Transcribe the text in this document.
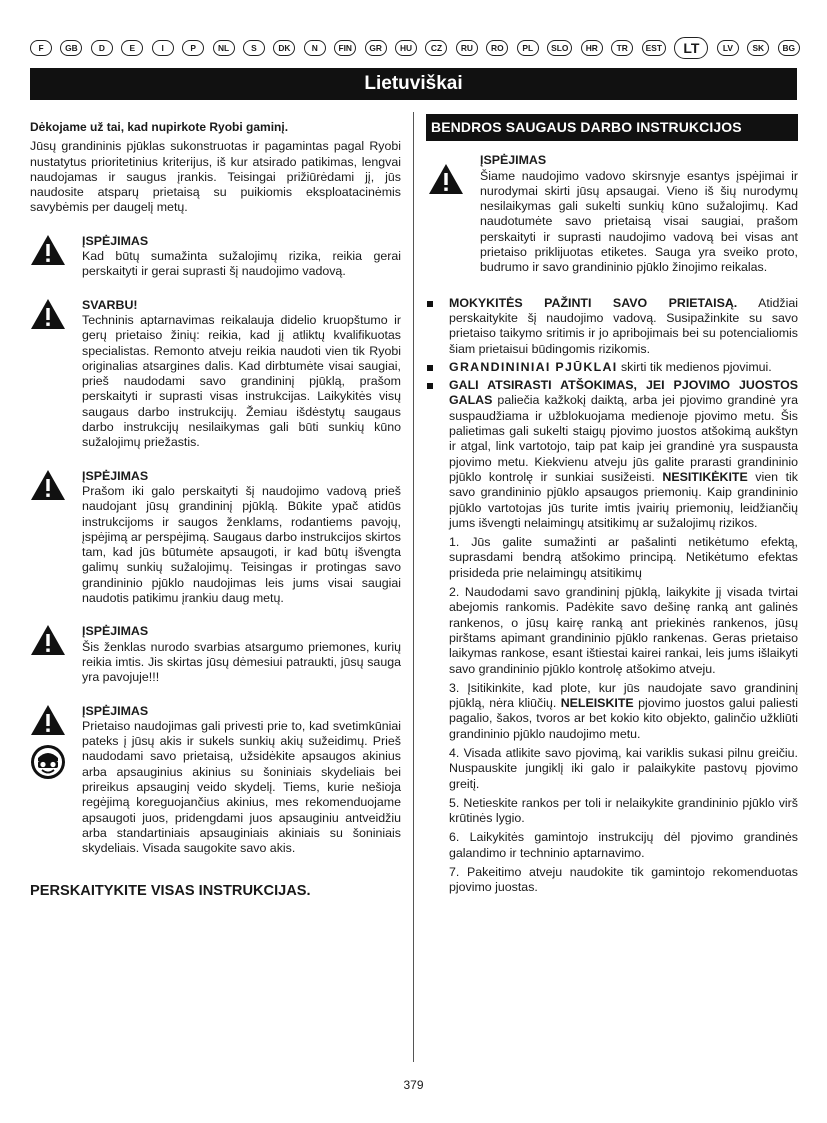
F	GB	D	E	I	P	NL	S	DK	N	FIN	GR	HU	CZ	RU	RO	PL	SLO	HR	TR	EST	LT	LV	SK	BG
Lietuviškai
Dėkojame už tai, kad nupirkote Ryobi gaminį.

Jūsų grandininis pjūklas sukonstruotas ir pagamintas pagal Ryobi nustatytus prioritetinius kriterijus, iš kur atsirado patikimas, lengvai naudojamas ir saugus įrankis. Teisingai prižiūrėdami jį, jūs naudosite atsparų prietaisą su puikiomis eksploatacinėmis savybėmis per daugelį metų.

ĮSPĖJIMAS

Kad būtų sumažinta sužalojimų rizika, reikia gerai perskaityti ir gerai suprasti šį naudojimo vadovą.

SVARBU!

Techninis aptarnavimas reikalauja didelio kruopštumo ir gerų prietaiso žinių: reikia, kad jį atliktų kvalifikuotas specialistas. Remonto atveju reikia naudoti vien tik Ryobi originalias atsargines dalis. Kad dirbtumėte visai saugiai, prieš naudodami savo grandininį pjūklą, prašom perskaityti ir suprasti visas instrukcijas. Laikykitės visų saugaus darbo instrukcijų. Žemiau išdėstytų saugaus darbo instrukcijų nesilaikymas gali būti sunkių kūno sužalojimų priežastis.

ĮSPĖJIMAS

Prašom iki galo perskaityti šį naudojimo vadovą prieš naudojant jūsų grandininį pjūklą. Būkite ypač atidūs instrukcijoms ir saugos ženklams, rodantiems pavojų, įspėjimą ar perspėjimą. Saugaus darbo instrukcijos skirtos tam, kad jūs būtumėte apsaugoti, ir kad būtų išvengta galimų sunkių sužalojimų. Teisingas ir protingas savo grandininio pjūklo naudojimas leis jums visai saugiai naudotis patikimu įrankiu daug metų.

ĮSPĖJIMAS

Šis ženklas nurodo svarbias atsargumo priemones, kurių reikia imtis. Jis skirtas jūsų dėmesiui patraukti, jūsų sauga yra pavojuje!!!

ĮSPĖJIMAS

Prietaiso naudojimas gali privesti prie to, kad svetimkūniai pateks į jūsų akis ir sukels sunkių akių sužeidimų. Prieš naudodami savo prietaisą, užsidėkite apsaugos akinius arba apsauginius akinius su šoniniais skydeliais bei prireikus apsauginį veido skydelį. Tiems, kurie nešioja regėjimą koreguojančius akinius, mes rekomenduojame apsaugoti juos, pridengdami juos apsauginiu antveidžiu arba standartiniais apsauginiais akiniais su šoniniais skydeliais. Visada saugokite savo akis.

PERSKAITYKITE VISAS INSTRUKCIJAS.
BENDROS SAUGAUS DARBO INSTRUKCIJOS
ĮSPĖJIMAS

Šiame naudojimo vadovo skirsnyje esantys įspėjimai ir nurodymai skirti jūsų apsaugai. Vieno iš šių nurodymų nesilaikymas gali sukelti sunkių kūno sužalojimų. Kad naudotumėte savo prietaisą visai saugiai, prašom perskaityti ir suprasti naudojimo vadovą bei visas ant prietaiso priklijuotas etiketes. Sauga yra sveiko proto, budrumo ir savo grandininio pjūklo žinojimo reikalas.

MOKYKITĖS PAŽINTI SAVO PRIETAISĄ. Atidžiai perskaitykite šį naudojimo vadovą. Susipažinkite su savo prietaiso taikymo sritimis ir jo apribojimais bei su potencialiomis šiam prietaisui būdingomis rizikomis.
GRANDININIAI PJŪKLAI skirti tik medienos pjovimui.
GALI ATSIRASTI ATŠOKIMAS, JEI PJOVIMO JUOSTOS GALAS paliečia kažkokį daiktą, arba jei pjovimo grandinė yra suspaudžiama ir užblokuojama medienoje pjovimo metu. Šis palietimas gali sukelti staigų pjovimo juostos atšokimą aukštyn ir atgal, link vartotojo, taip pat kaip jei grandinė yra suspausta pjovimo metu. Kiekvienu atveju jūs galite prarasti grandininio pjūklo kontrolę ir sunkiai susižeisti. NESITIKĖKITE vien tik savo grandininio pjūklo apsaugos priemonių. Kaip grandininio pjūklo vartotojas jūs turite imtis įvairių priemonių, leidžiančių jums išvengti nelaimingų atsitikimų ar sužalojimų rizikos.

1. Jūs galite sumažinti ar pašalinti netikėtumo efektą, suprasdami bendrą atšokimo principą. Netikėtumo efektas prisideda prie nelaimingų atsitikimų

2. Naudodami savo grandininį pjūklą, laikykite jį visada tvirtai abejomis rankomis. Padėkite savo dešinę ranką ant galinės rankenos, o jūsų kairę ranką ant priekinės rankenos, jūsų pirštams apimant grandininio pjūklo rankenas. Geras prietaiso laikymas rankose, esant ištiestai kairei rankai, leis jums išlaikyti savo grandininio pjūklo kontrolę atšokimo atveju.

3. Įsitikinkite, kad plote, kur jūs naudojate savo grandininį pjūklą, nėra kliūčių. NELEISKITE pjovimo juostos galui paliesti pagalio, šakos, tvoros ar bet kokio kito objekto, galinčio užkliūti grandininio pjūklo naudojimo metu.

4. Visada atlikite savo pjovimą, kai variklis sukasi pilnu greičiu. Nuspauskite jungiklį iki galo ir palaikykite pastovų pjovimo greitį.

5. Netieskite rankos per toli ir nelaikykite grandininio pjūklo virš krūtinės lygio.

6. Laikykitės gamintojo instrukcijų dėl pjovimo grandinės galandimo ir techninio aptarnavimo.

7. Pakeitimo atveju naudokite tik gamintojo rekomenduotas pjovimo juostas.

379
